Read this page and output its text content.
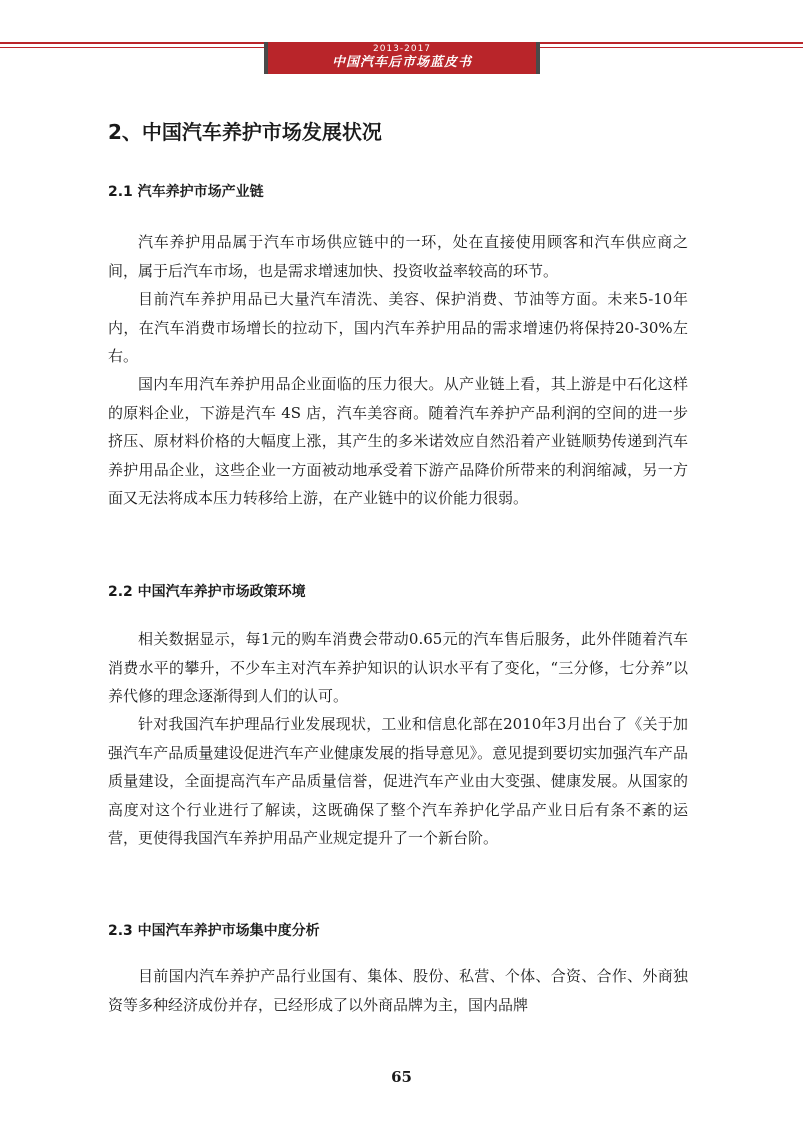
2013-2017
中国汽车后市场蓝皮书
2、中国汽车养护市场发展状况
2.1 汽车养护市场产业链

汽车养护用品属于汽车市场供应链中的一环，处在直接使用顾客和汽车供应商之间，属于后汽车市场，也是需求增速加快、投资收益率较高的环节。

目前汽车养护用品已大量汽车清洗、美容、保护消费、节油等方面。未来5-10年内，在汽车消费市场增长的拉动下，国内汽车养护用品的需求增速仍将保持20-30%左右。

国内车用汽车养护用品企业面临的压力很大。从产业链上看，其上游是中石化这样的原料企业，下游是汽车 4S 店，汽车美容商。随着汽车养护产品利润的空间的进一步挤压、原材料价格的大幅度上涨，其产生的多米诺效应自然沿着产业链顺势传递到汽车养护用品企业，这些企业一方面被动地承受着下游产品降价所带来的利润缩减，另一方面又无法将成本压力转移给上游，在产业链中的议价能力很弱。

2.2 中国汽车养护市场政策环境

相关数据显示，每1元的购车消费会带动0.65元的汽车售后服务，此外伴随着汽车消费水平的攀升，不少车主对汽车养护知识的认识水平有了变化，“三分修，七分养”以养代修的理念逐渐得到人们的认可。

针对我国汽车护理品行业发展现状，工业和信息化部在2010年3月出台了《关于加强汽车产品质量建设促进汽车产业健康发展的指导意见》。意见提到要切实加强汽车产品质量建设，全面提高汽车产品质量信誉，促进汽车产业由大变强、健康发展。从国家的高度对这个行业进行了解读，这既确保了整个汽车养护化学品产业日后有条不紊的运营，更使得我国汽车养护用品产业规定提升了一个新台阶。

2.3 中国汽车养护市场集中度分析

目前国内汽车养护产品行业国有、集体、股份、私营、个体、合资、合作、外商独资等多种经济成份并存，已经形成了以外商品牌为主，国内品牌

65
